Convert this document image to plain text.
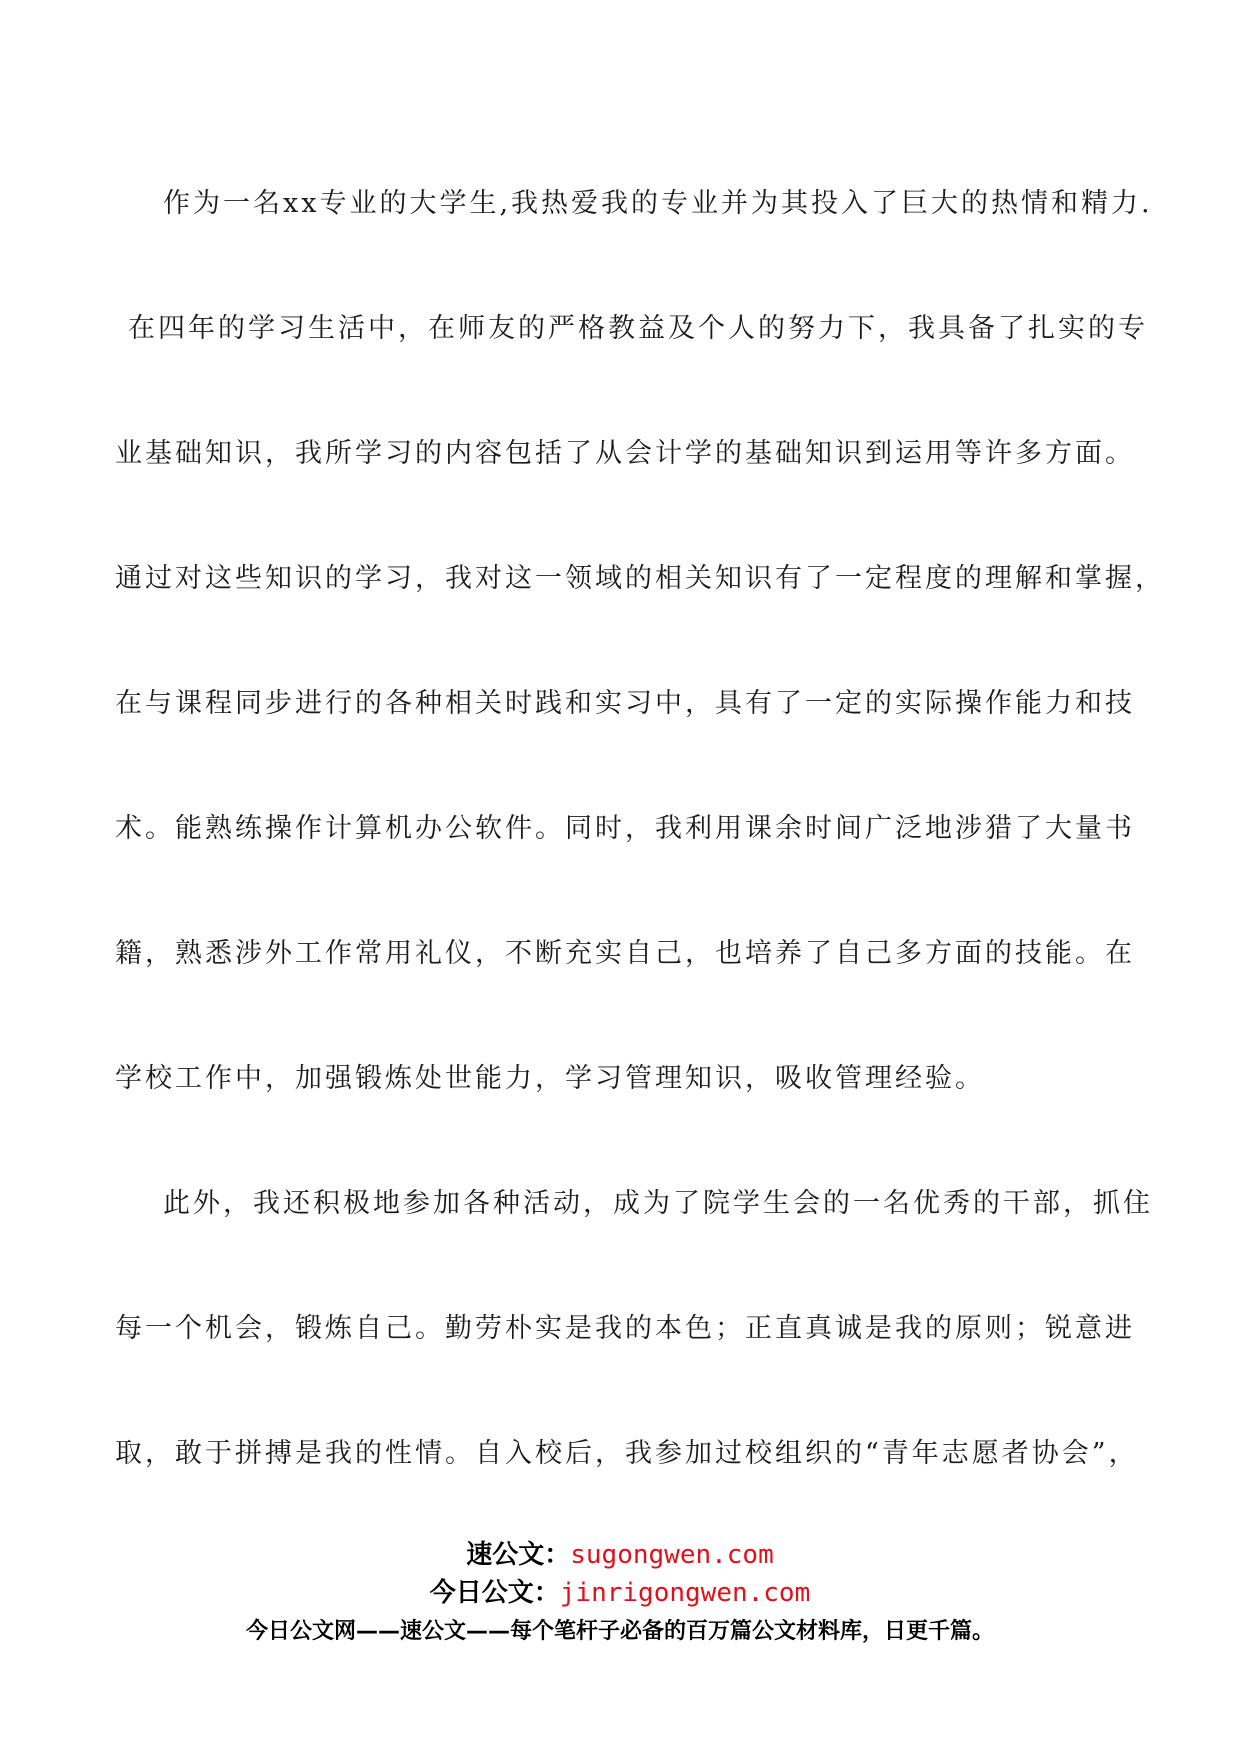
作为一名xx专业的大学生,我热爱我的专业并为其投入了巨大的热情和精力.
在四年的学习生活中，在师友的严格教益及个人的努力下，我具备了扎实的专
业基础知识，我所学习的内容包括了从会计学的基础知识到运用等许多方面。
通过对这些知识的学习，我对这一领域的相关知识有了一定程度的理解和掌握，
在与课程同步进行的各种相关时践和实习中，具有了一定的实际操作能力和技
术。能熟练操作计算机办公软件。同时，我利用课余时间广泛地涉猎了大量书
籍，熟悉涉外工作常用礼仪，不断充实自己，也培养了自己多方面的技能。在
学校工作中，加强锻炼处世能力，学习管理知识，吸收管理经验。
此外，我还积极地参加各种活动，成为了院学生会的一名优秀的干部，抓住
每一个机会，锻炼自己。勤劳朴实是我的本色；正直真诚是我的原则；锐意进
取，敢于拼搏是我的性情。自入校后，我参加过校组织的“青年志愿者协会”，
速公文：sugongwen.com
今日公文：jinrigongwen.com
今日公文网——速公文——每个笔杆子必备的百万篇公文材料库，日更千篇。
